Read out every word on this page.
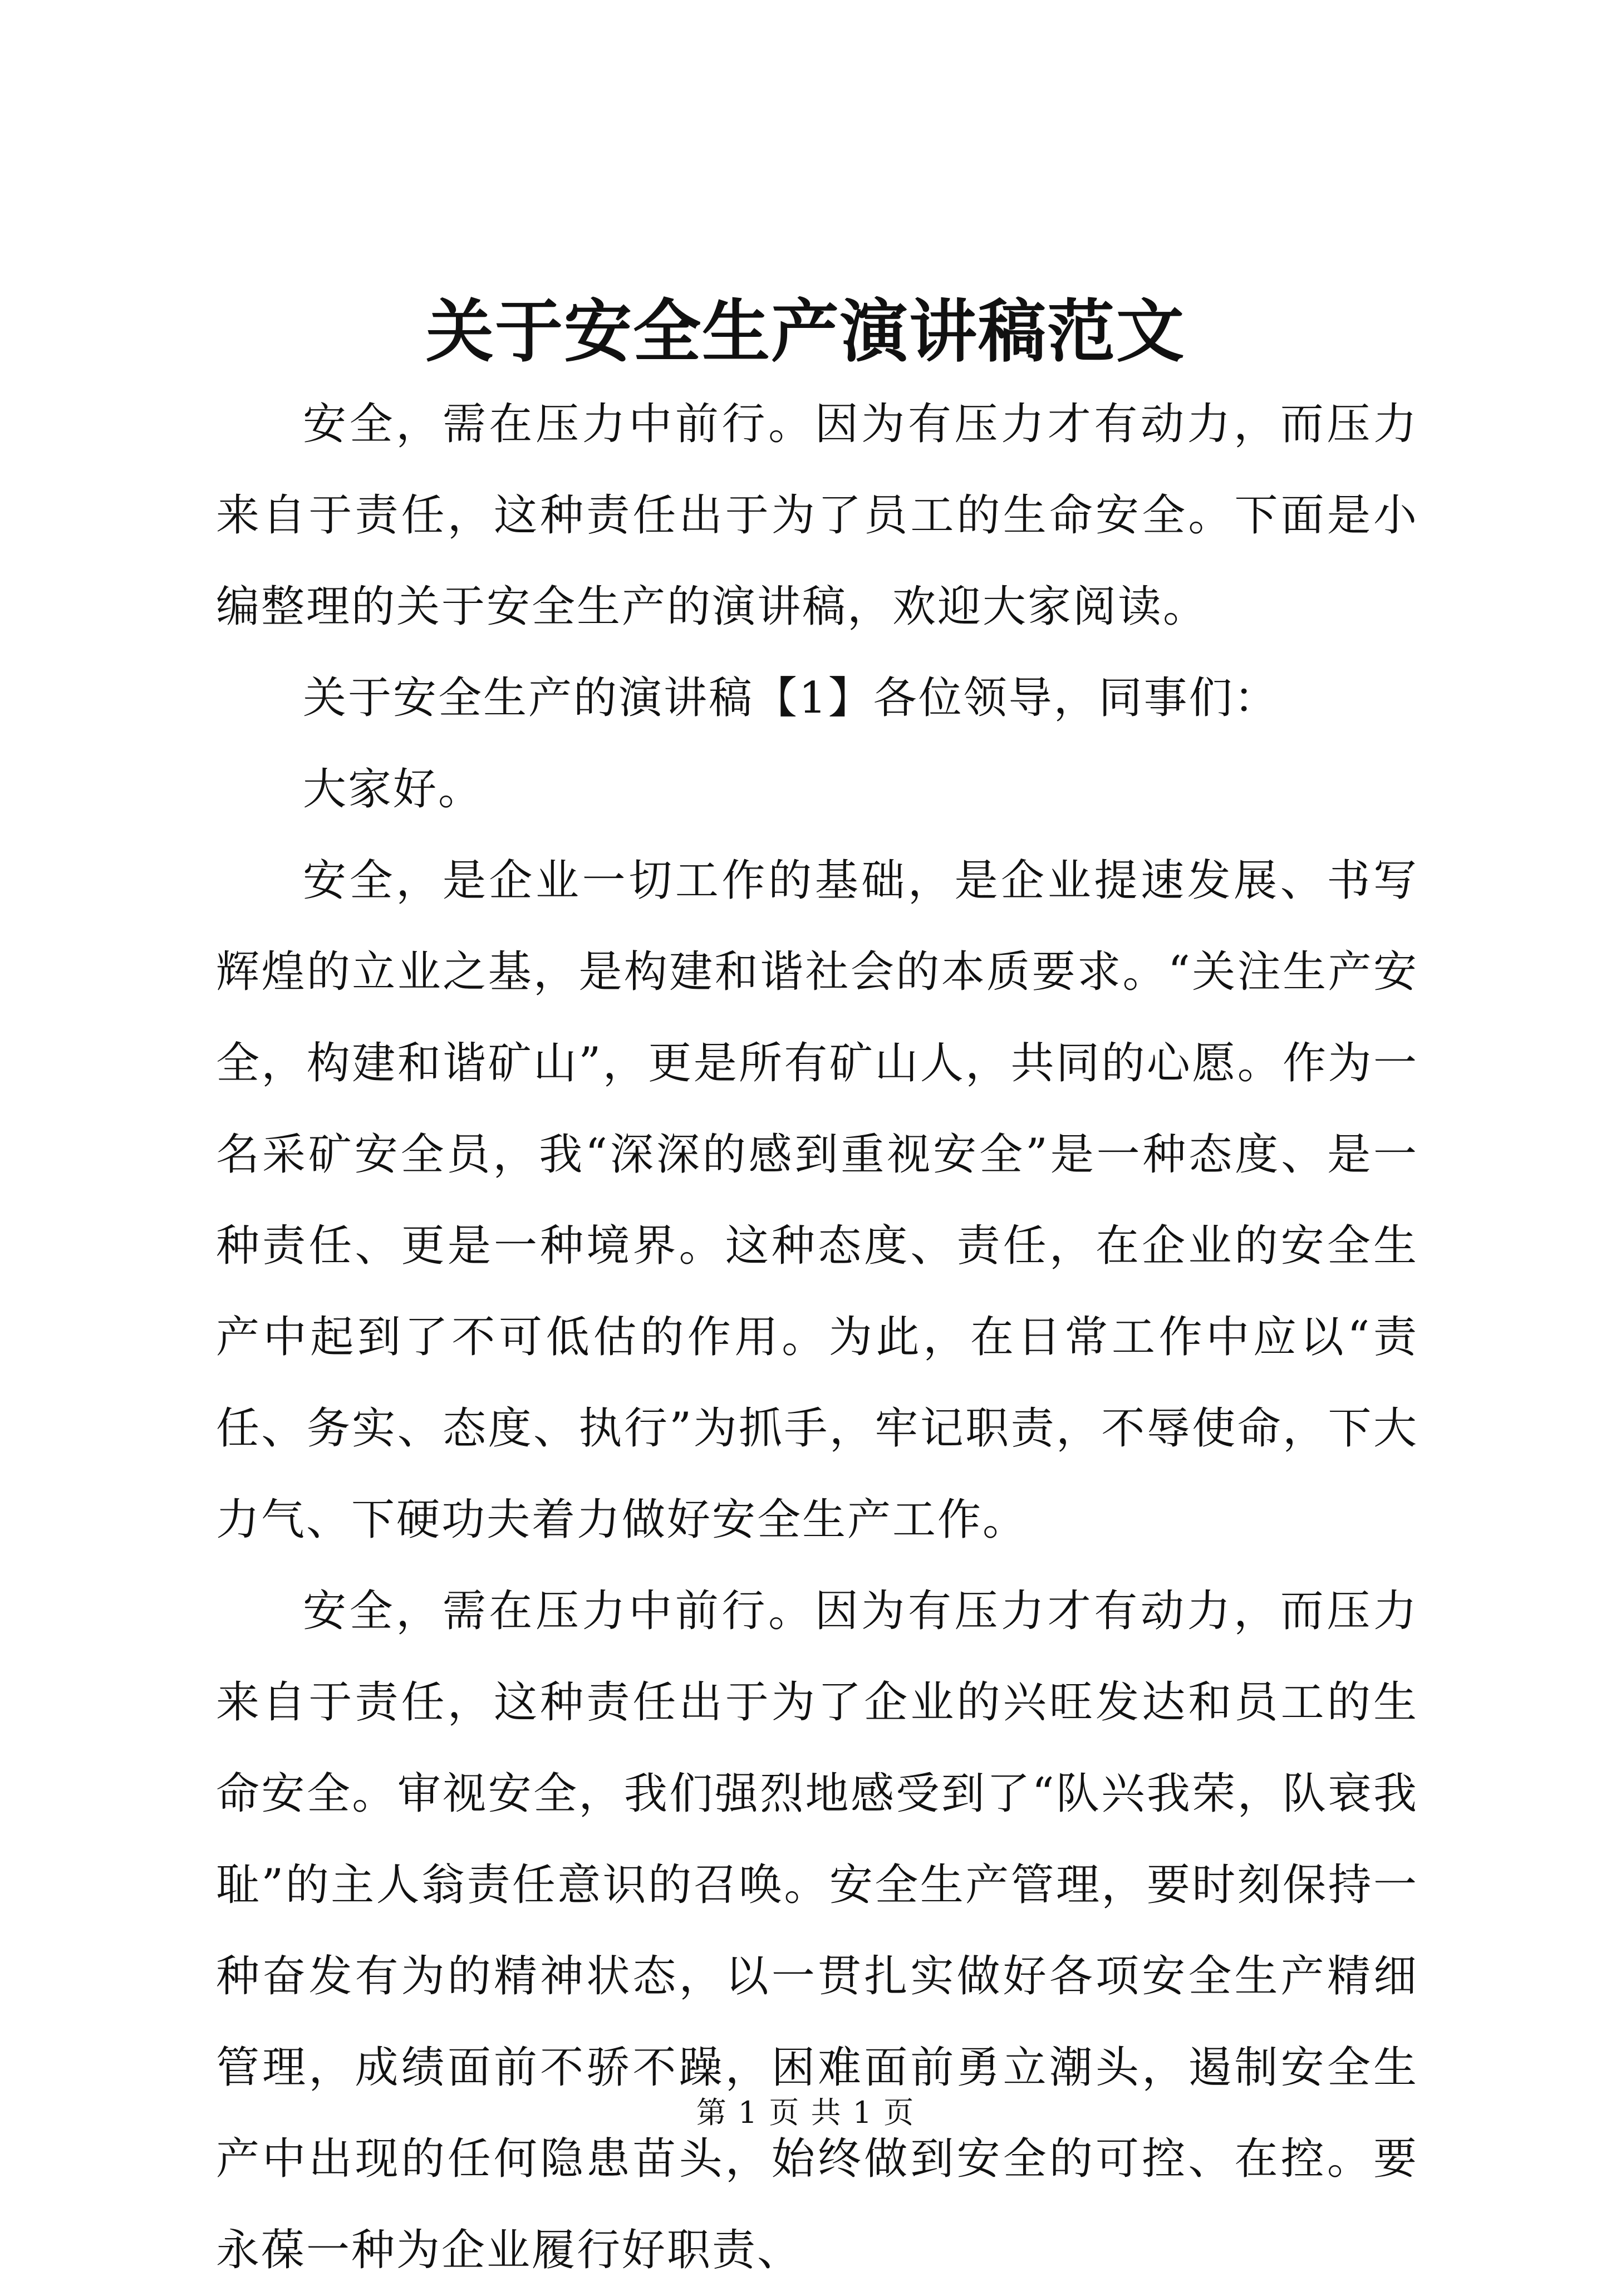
关于安全生产演讲稿范文

安全，需在压力中前行。因为有压力才有动力，而压力来自于责任，这种责任出于为了员工的生命安全。下面是小编整理的关于安全生产的演讲稿，欢迎大家阅读。

关于安全生产的演讲稿【1】各位领导，同事们：

大家好。

安全，是企业一切工作的基础，是企业提速发展、书写辉煌的立业之基，是构建和谐社会的本质要求。“关注生产安全，构建和谐矿山”，更是所有矿山人，共同的心愿。作为一名采矿安全员，我“深深的感到重视安全”是一种态度、是一种责任、更是一种境界。这种态度、责任，在企业的安全生产中起到了不可低估的作用。为此，在日常工作中应以“责任、务实、态度、执行”为抓手，牢记职责，不辱使命，下大力气、下硬功夫着力做好安全生产工作。

安全，需在压力中前行。因为有压力才有动力，而压力来自于责任，这种责任出于为了企业的兴旺发达和员工的生命安全。审视安全，我们强烈地感受到了“队兴我荣，队衰我耻”的主人翁责任意识的召唤。安全生产管理，要时刻保持一种奋发有为的精神状态，以一贯扎实做好各项安全生产精细管理，成绩面前不骄不躁，困难面前勇立潮头，遏制安全生产中出现的任何隐患苗头，始终做到安全的可控、在控。要永葆一种为企业履行好职责、

第 1 页 共 1 页
